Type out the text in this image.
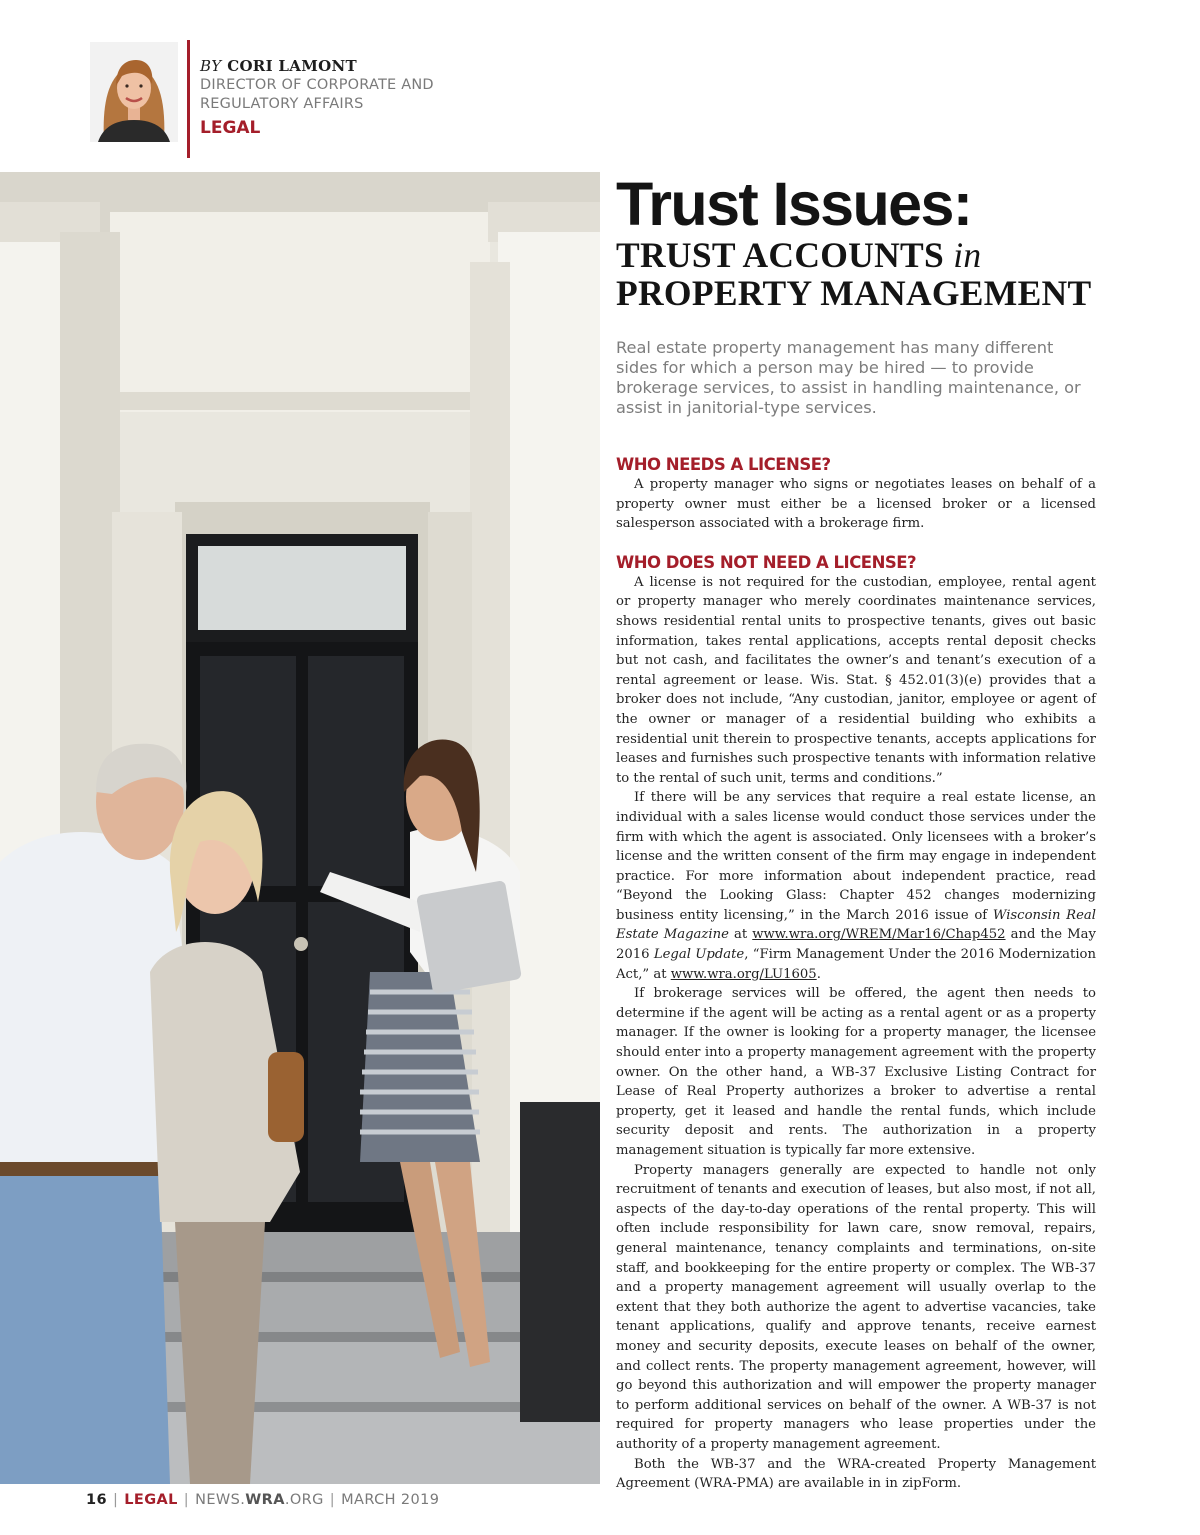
BY CORI LAMONT
DIRECTOR OF CORPORATE AND
REGULATORY AFFAIRS
LEGAL
Trust Issues:
TRUST ACCOUNTS in
PROPERTY MANAGEMENT

Real estate property management has many different sides for which a person may be hired — to provide brokerage services, to assist in handling maintenance, or assist in janitorial-type services.

WHO NEEDS A LICENSE?

A property manager who signs or negotiates leases on behalf of a property owner must either be a licensed broker or a licensed salesperson associated with a brokerage firm.

WHO DOES NOT NEED A LICENSE?

A license is not required for the custodian, employee, rental agent or property manager who merely coordinates maintenance services, shows residential rental units to prospective tenants, gives out basic information, takes rental applications, accepts rental deposit checks but not cash, and facilitates the owner’s and tenant’s execution of a rental agreement or lease. Wis. Stat. § 452.01(3)(e) provides that a broker does not include, “Any custodian, janitor, employee or agent of the owner or manager of a residential building who exhibits a residential unit therein to prospective tenants, accepts applications for leases and furnishes such prospective tenants with information relative to the rental of such unit, terms and conditions.”

If there will be any services that require a real estate license, an individual with a sales license would conduct those services under the firm with which the agent is associated. Only licensees with a broker’s license and the written consent of the firm may engage in independent practice. For more information about independent practice, read “Beyond the Looking Glass: Chapter 452 changes modernizing business entity licensing,” in the March 2016 issue of Wisconsin Real Estate Magazine at www.wra.org/WREM/Mar16/Chap452 and the May 2016 Legal Update, “Firm Management Under the 2016 Modernization Act,” at www.wra.org/LU1605.

If brokerage services will be offered, the agent then needs to determine if the agent will be acting as a rental agent or as a property manager. If the owner is looking for a property manager, the licensee should enter into a property management agreement with the property owner. On the other hand, a WB-37 Exclusive Listing Contract for Lease of Real Property authorizes a broker to advertise a rental property, get it leased and handle the rental funds, which include security deposit and rents. The authorization in a property management situation is typically far more extensive.

Property managers generally are expected to handle not only recruitment of tenants and execution of leases, but also most, if not all, aspects of the day-to-day operations of the rental property. This will often include responsibility for lawn care, snow removal, repairs, general maintenance, tenancy complaints and terminations, on-site staff, and bookkeeping for the entire property or complex. The WB-37 and a property management agreement will usually overlap to the extent that they both authorize the agent to advertise vacancies, take tenant applications, qualify and approve tenants, receive earnest money and security deposits, execute leases on behalf of the owner, and collect rents. The property management agreement, however, will go beyond this authorization and will empower the property manager to perform additional services on behalf of the owner. A WB-37 is not required for property managers who lease properties under the authority of a property management agreement.

Both the WB-37 and the WRA-created Property Management Agreement (WRA-PMA) are available in in zipForm.

16 | LEGAL | NEWS.WRA.ORG | MARCH 2019
